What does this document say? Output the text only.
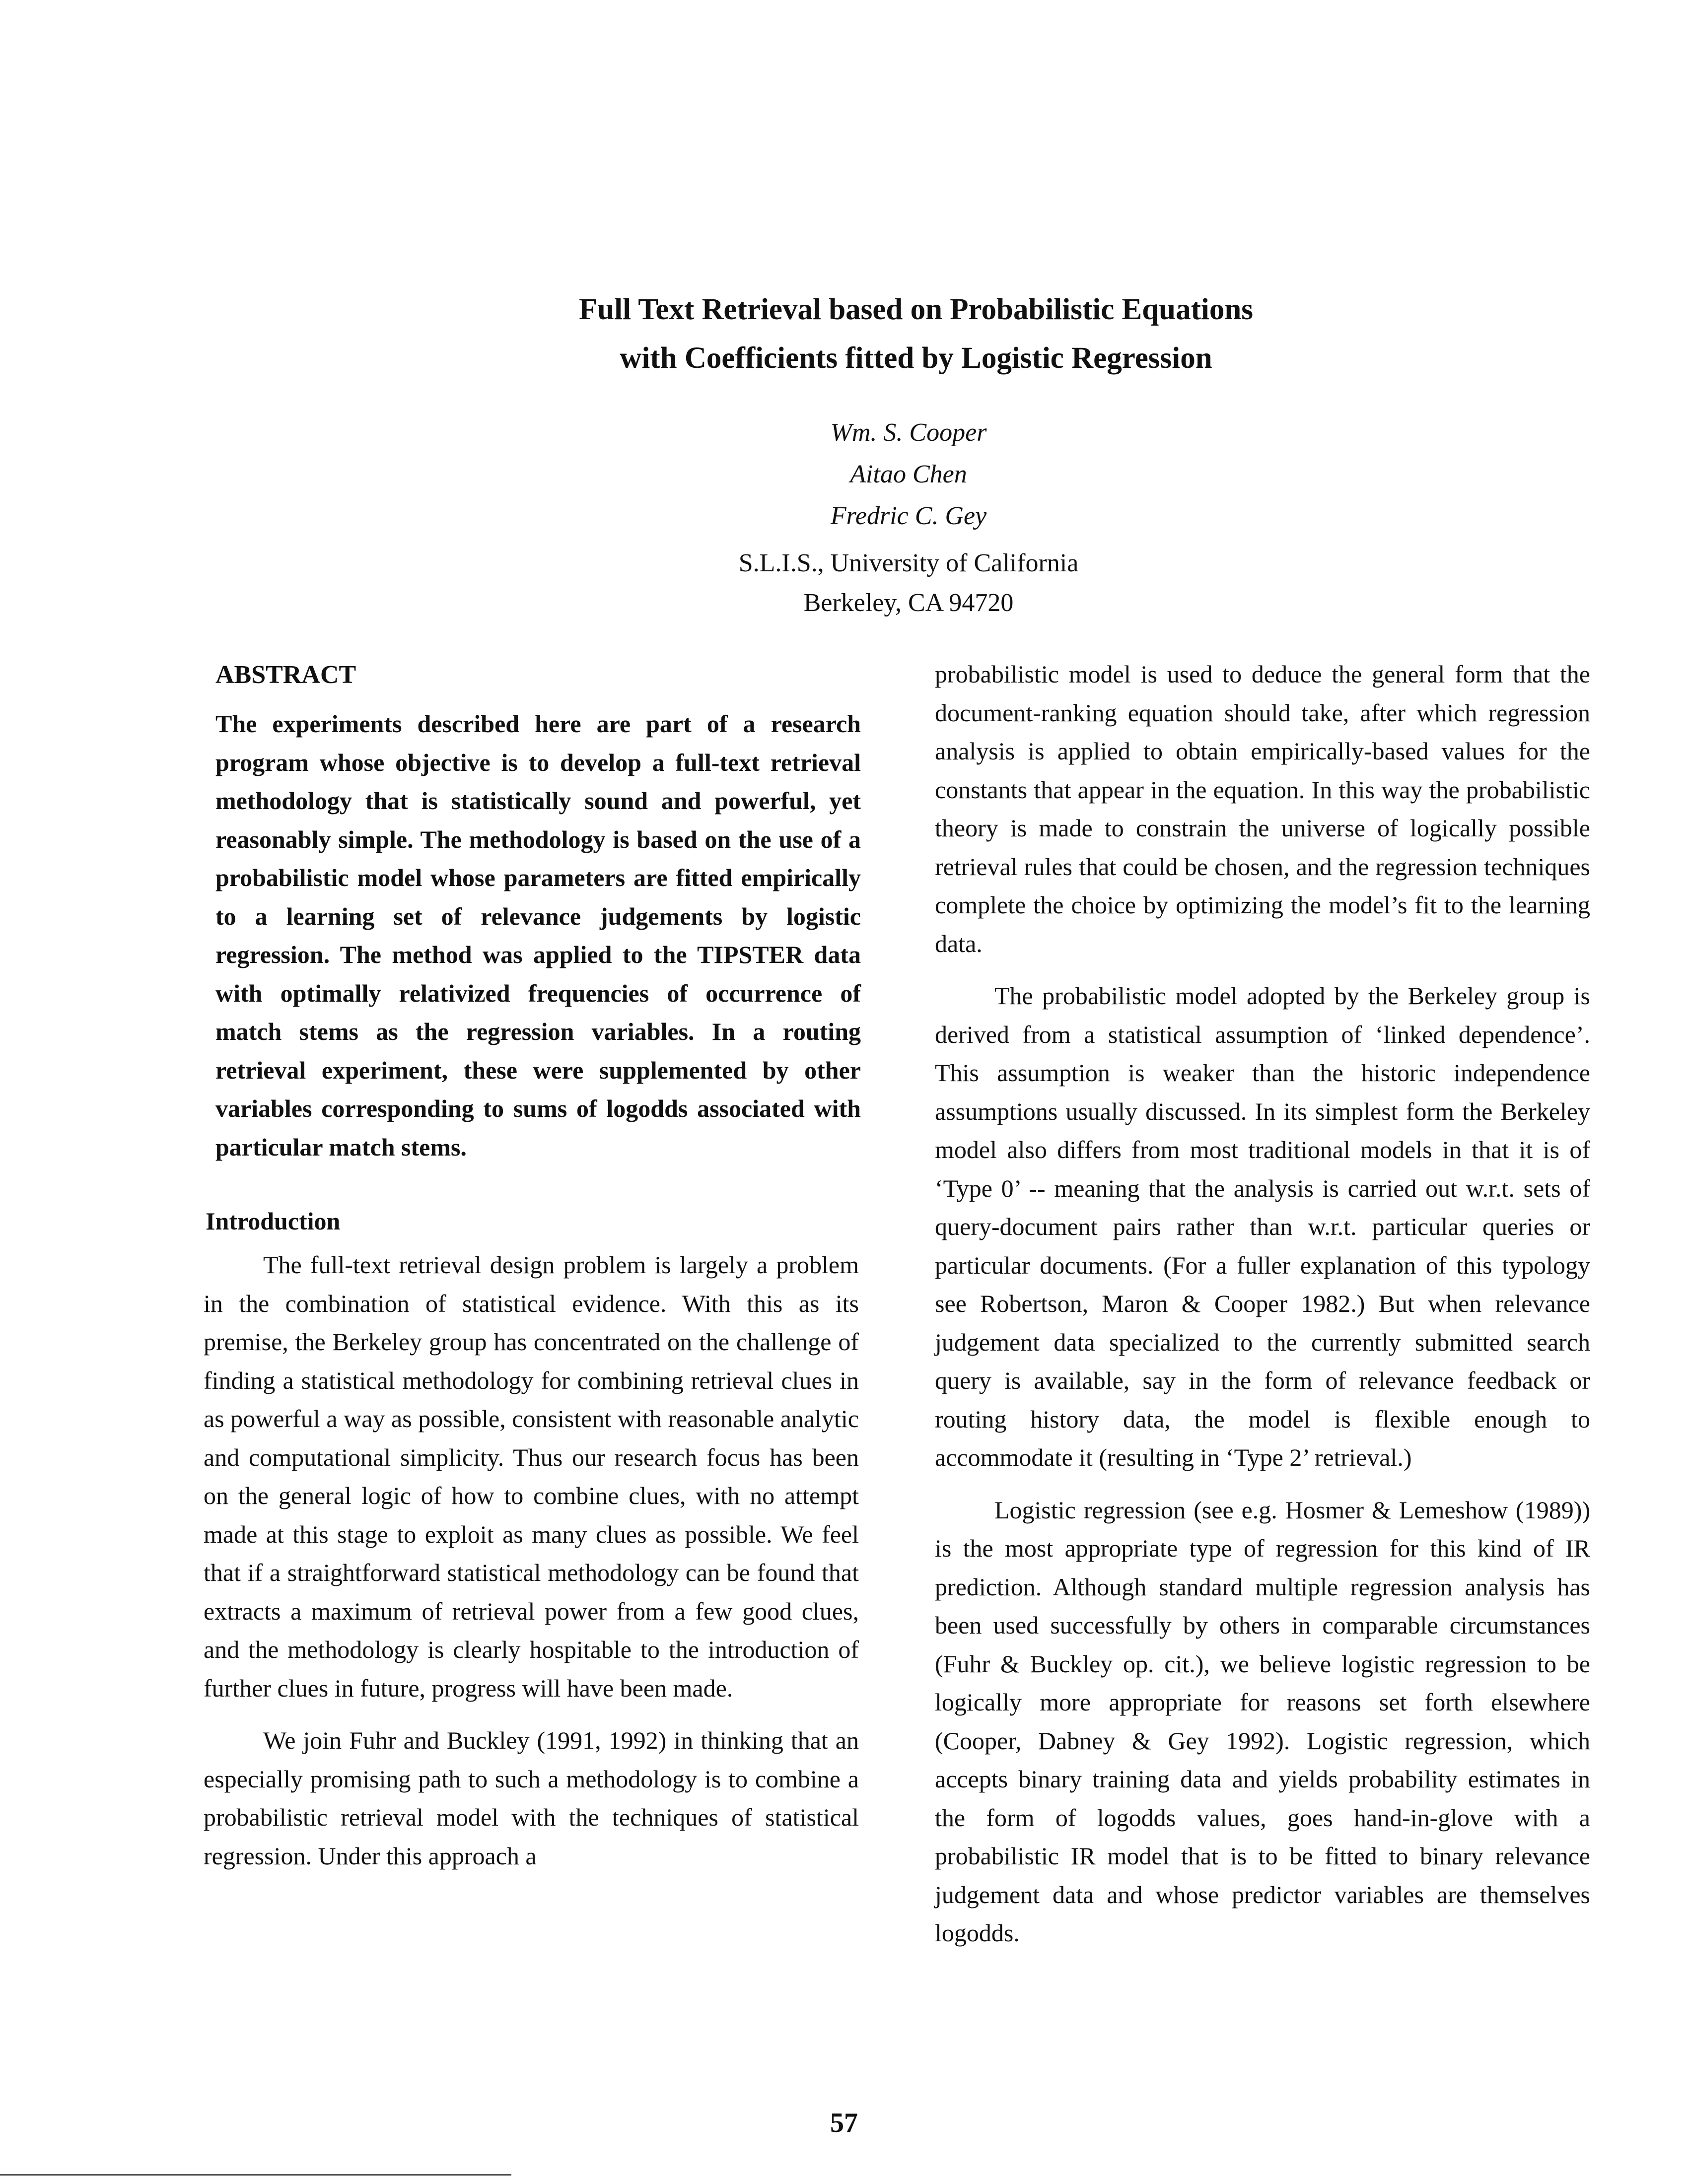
Full Text Retrieval based on Probabilistic Equations
with Coefficients fitted by Logistic Regression
Wm. S. Cooper
Aitao Chen
Fredric C. Gey
S.L.I.S., University of California
Berkeley, CA 94720
ABSTRACT
The experiments described here are part of a research program whose objective is to develop a full-text retrieval methodology that is statistically sound and powerful, yet reasonably simple. The methodology is based on the use of a probabilistic model whose parameters are fitted empirically to a learning set of relevance judgements by logistic regression. The method was applied to the TIPSTER data with optimally relativized frequencies of occurrence of match stems as the regression variables. In a routing retrieval experiment, these were supplemented by other variables corresponding to sums of logodds associated with particular match stems.
Introduction

The full-text retrieval design problem is largely a problem in the combination of statistical evidence. With this as its premise, the Berkeley group has concentrated on the challenge of finding a statistical methodology for combining retrieval clues in as powerful a way as possible, consistent with reasonable analytic and computational simplicity. Thus our research focus has been on the general logic of how to combine clues, with no attempt made at this stage to exploit as many clues as possible. We feel that if a straightforward statistical methodology can be found that extracts a maximum of retrieval power from a few good clues, and the methodology is clearly hospitable to the introduction of further clues in future, progress will have been made.

We join Fuhr and Buckley (1991, 1992) in thinking that an especially promising path to such a methodology is to combine a probabilistic retrieval model with the techniques of statistical regression. Under this approach a

probabilistic model is used to deduce the general form that the document-ranking equation should take, after which regression analysis is applied to obtain empirically-based values for the constants that appear in the equation. In this way the probabilistic theory is made to constrain the universe of logically possible retrieval rules that could be chosen, and the regression techniques complete the choice by optimizing the model’s fit to the learning data.

The probabilistic model adopted by the Berkeley group is derived from a statistical assumption of ‘linked dependence’. This assumption is weaker than the historic independence assumptions usually discussed. In its simplest form the Berkeley model also differs from most traditional models in that it is of ‘Type 0’ -- meaning that the analysis is carried out w.r.t. sets of query-document pairs rather than w.r.t. particular queries or particular documents. (For a fuller explanation of this typology see Robertson, Maron & Cooper 1982.) But when relevance judgement data specialized to the currently submitted search query is available, say in the form of relevance feedback or routing history data, the model is flexible enough to accommodate it (resulting in ‘Type 2’ retrieval.)

Logistic regression (see e.g. Hosmer & Lemeshow (1989)) is the most appropriate type of regression for this kind of IR prediction. Although standard multiple regression analysis has been used successfully by others in comparable circumstances (Fuhr & Buckley op. cit.), we believe logistic regression to be logically more appropriate for reasons set forth elsewhere (Cooper, Dabney & Gey 1992). Logistic regression, which accepts binary training data and yields probability estimates in the form of logodds values, goes hand-in-glove with a probabilistic IR model that is to be fitted to binary relevance judgement data and whose predictor variables are themselves logodds.

57
